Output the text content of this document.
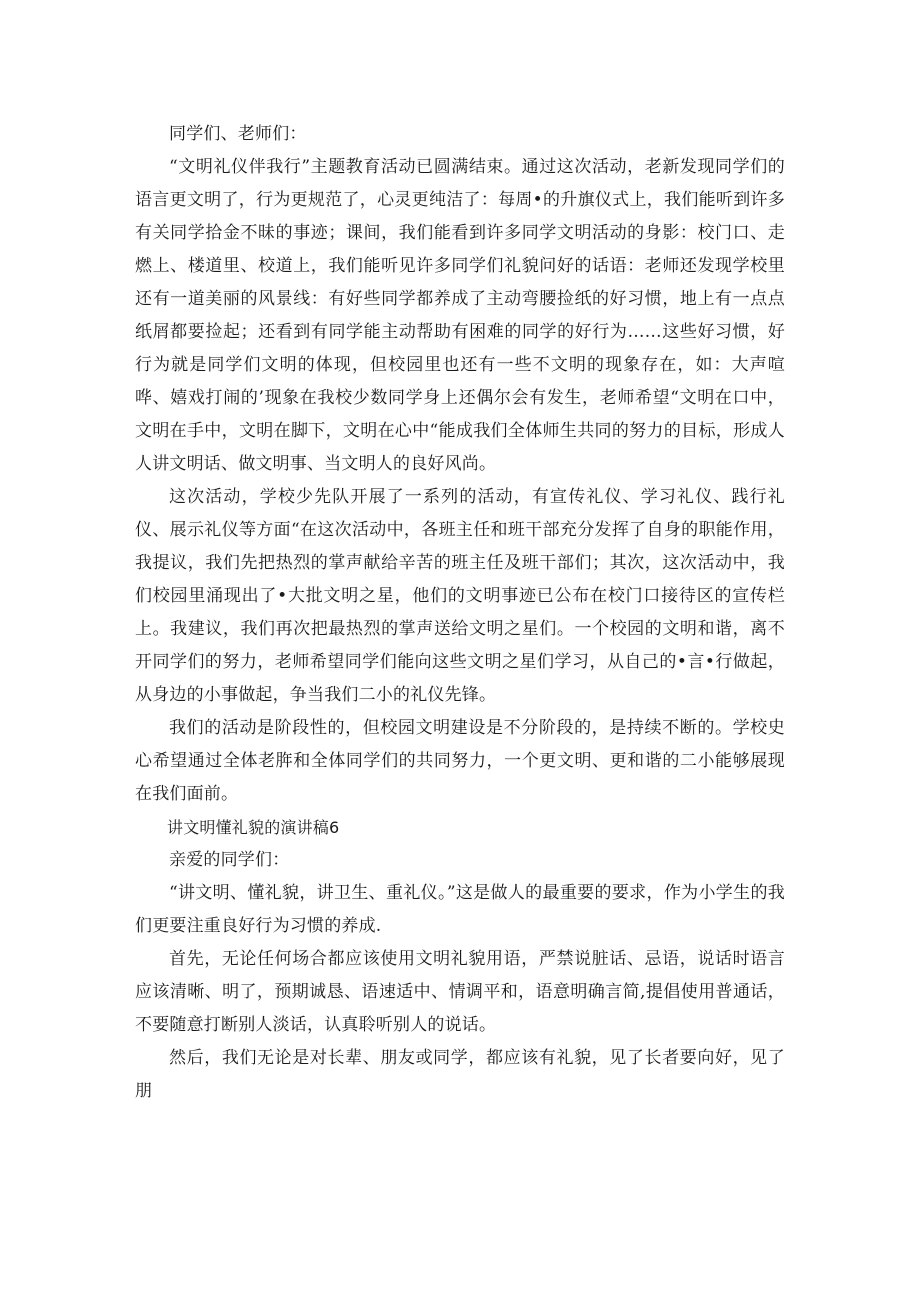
同学们、老师们：

“文明礼仪伴我行”主题教育活动已圆满结束。通过这次活动，老新发现同学们的语言更文明了，行为更规范了，心灵更纯洁了：每周•的升旗仪式上，我们能听到许多有关同学拾金不昧的事迹；课间，我们能看到许多同学文明活动的身影：校门口、走燃上、楼道里、校道上，我们能听见许多同学们礼貌问好的话语：老师还发现学校里还有一道美丽的风景线：有好些同学都养成了主动弯腰捡纸的好习惯，地上有一点点纸屑都要捡起；还看到有同学能主动帮助有困难的同学的好行为……这些好习惯，好行为就是同学们文明的体现，但校园里也还有一些不文明的现象存在，如：大声喧哗、嬉戏打闹的’现象在我校少数同学身上还偶尔会有发生，老师希望“文明在口中，文明在手中，文明在脚下，文明在心中“能成我们全体师生共同的努力的目标，形成人人讲文明话、做文明事、当文明人的良好风尚。

这次活动，学校少先队开展了一系列的活动，有宣传礼仪、学习礼仪、践行礼仪、展示礼仪等方面“在这次活动中，各班主任和班干部充分发挥了自身的职能作用，我提议，我们先把热烈的掌声献给辛苦的班主任及班干部们；其次，这次活动中，我们校园里涌现出了•大批文明之星，他们的文明事迹已公布在校门口接待区的宣传栏上。我建议，我们再次把最热烈的掌声送给文明之星们。一个校园的文明和谐，离不开同学们的努力，老师希望同学们能向这些文明之星们学习，从自己的•言•行做起，从身边的小事做起，争当我们二小的礼仪先锋。

我们的活动是阶段性的，但校园文明建设是不分阶段的，是持续不断的。学校史心希望通过全体老脌和全体同学们的共同努力，一个更文明、更和谐的二小能够展现在我们面前。

讲文明懂礼貌的演讲稿6

亲爱的同学们：

“讲文明、懂礼貌，讲卫生、重礼仪。”这是做人的最重要的要求，作为小学生的我们更要注重良好行为习惯的养成.

首先，无论任何场合都应该使用文明礼貌用语，严禁说脏话、忌语，说话时语言应该清晰、明了，预期诚恳、语速适中、情调平和，语意明确言简,提倡使用普通话，不要随意打断别人淡话，认真聆听别人的说话。

然后，我们无论是对长辈、朋友或同学，都应该有礼貌，见了长者要向好，见了朋
